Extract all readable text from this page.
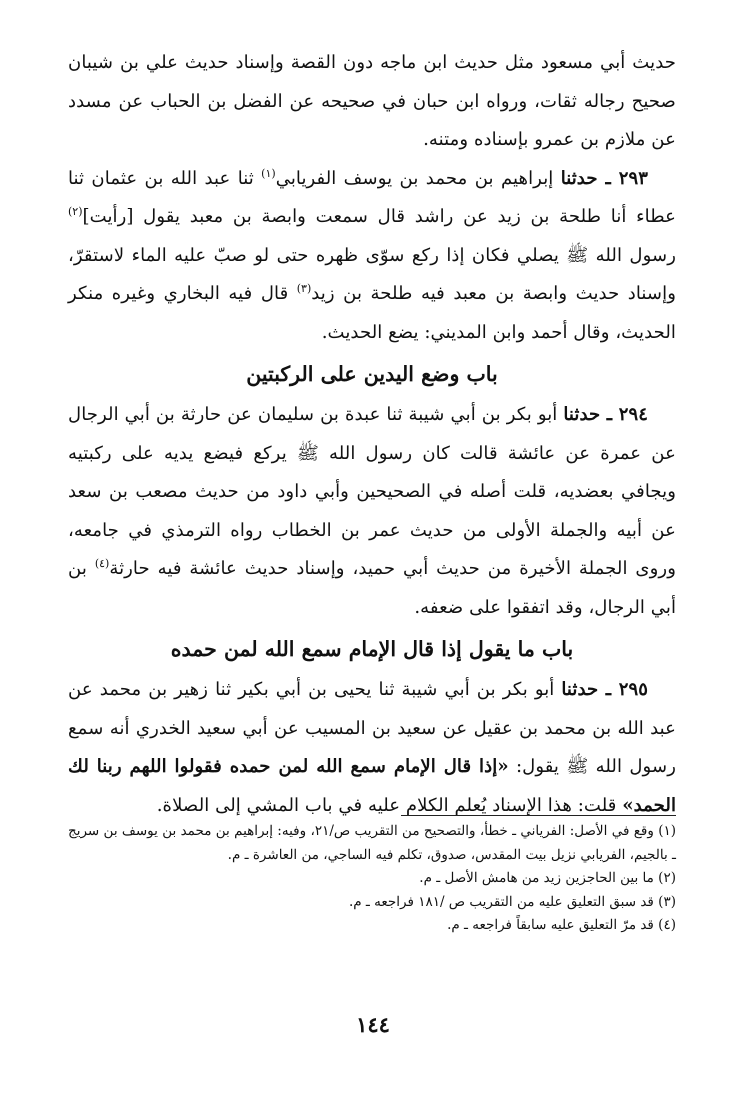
حديث أبي مسعود مثل حديث ابن ماجه دون القصة وإسناد حديث علي بن شيبان صحيح رجاله ثقات، ورواه ابن حبان في صحيحه عن الفضل بن الحباب عن مسدد عن ملازم بن عمرو بإسناده ومتنه.

٢٩٣ ـ حدثنا إبراهيم بن محمد بن يوسف الفريابي$^{(١)}$ ثنا عبد الله بن عثمان ثنا عطاء أنا طلحة بن زيد عن راشد قال سمعت وابصة بن معبد يقول [رأيت]$^{(٢)}$ رسول الله ﷺ يصلي فكان إذا ركع سوّى ظهره حتى لو صبّ عليه الماء لاستقرّ، وإسناد حديث وابصة بن معبد فيه طلحة بن زيد$^{(٣)}$ قال فيه البخاري وغيره منكر الحديث، وقال أحمد وابن المديني: يضع الحديث.

باب وضع اليدين على الركبتين

٢٩٤ ـ حدثنا أبو بكر بن أبي شيبة ثنا عبدة بن سليمان عن حارثة بن أبي الرجال عن عمرة عن عائشة قالت كان رسول الله ﷺ يركع فيضع يديه على ركبتيه ويجافي بعضديه، قلت أصله في الصحيحين وأبي داود من حديث مصعب بن سعد عن أبيه والجملة الأولى من حديث عمر بن الخطاب رواه الترمذي في جامعه، وروى الجملة الأخيرة من حديث أبي حميد، وإسناد حديث عائشة فيه حارثة$^{(٤)}$ بن أبي الرجال، وقد اتفقوا على ضعفه.

باب ما يقول إذا قال الإمام سمع الله لمن حمده

٢٩٥ ـ حدثنا أبو بكر بن أبي شيبة ثنا يحيى بن أبي بكير ثنا زهير بن محمد عن عبد الله بن محمد بن عقيل عن سعيد بن المسيب عن أبي سعيد الخدري أنه سمع رسول الله ﷺ يقول: «إذا قال الإمام سمع الله لمن حمده فقولوا اللهم ربنا لك الحمد» قلت: هذا الإسناد يُعلم الكلام عليه في باب المشي إلى الصلاة.

(١) وقع في الأصل: الفرياني ـ خطأ، والتصحيح من التقريب ص/٢١، وفيه: إبراهيم بن محمد بن يوسف بن سريج ـ بالجيم، الفريابي نزيل بيت المقدس، صدوق، تكلم فيه الساجي، من العاشرة ـ م.

(٢) ما بين الحاجزين زيد من هامش الأصل ـ م.

(٣) قد سبق التعليق عليه من التقريب ص /١٨١ فراجعه ـ م.

(٤) قد مرّ التعليق عليه سابقاً فراجعه ـ م.

١٤٤
